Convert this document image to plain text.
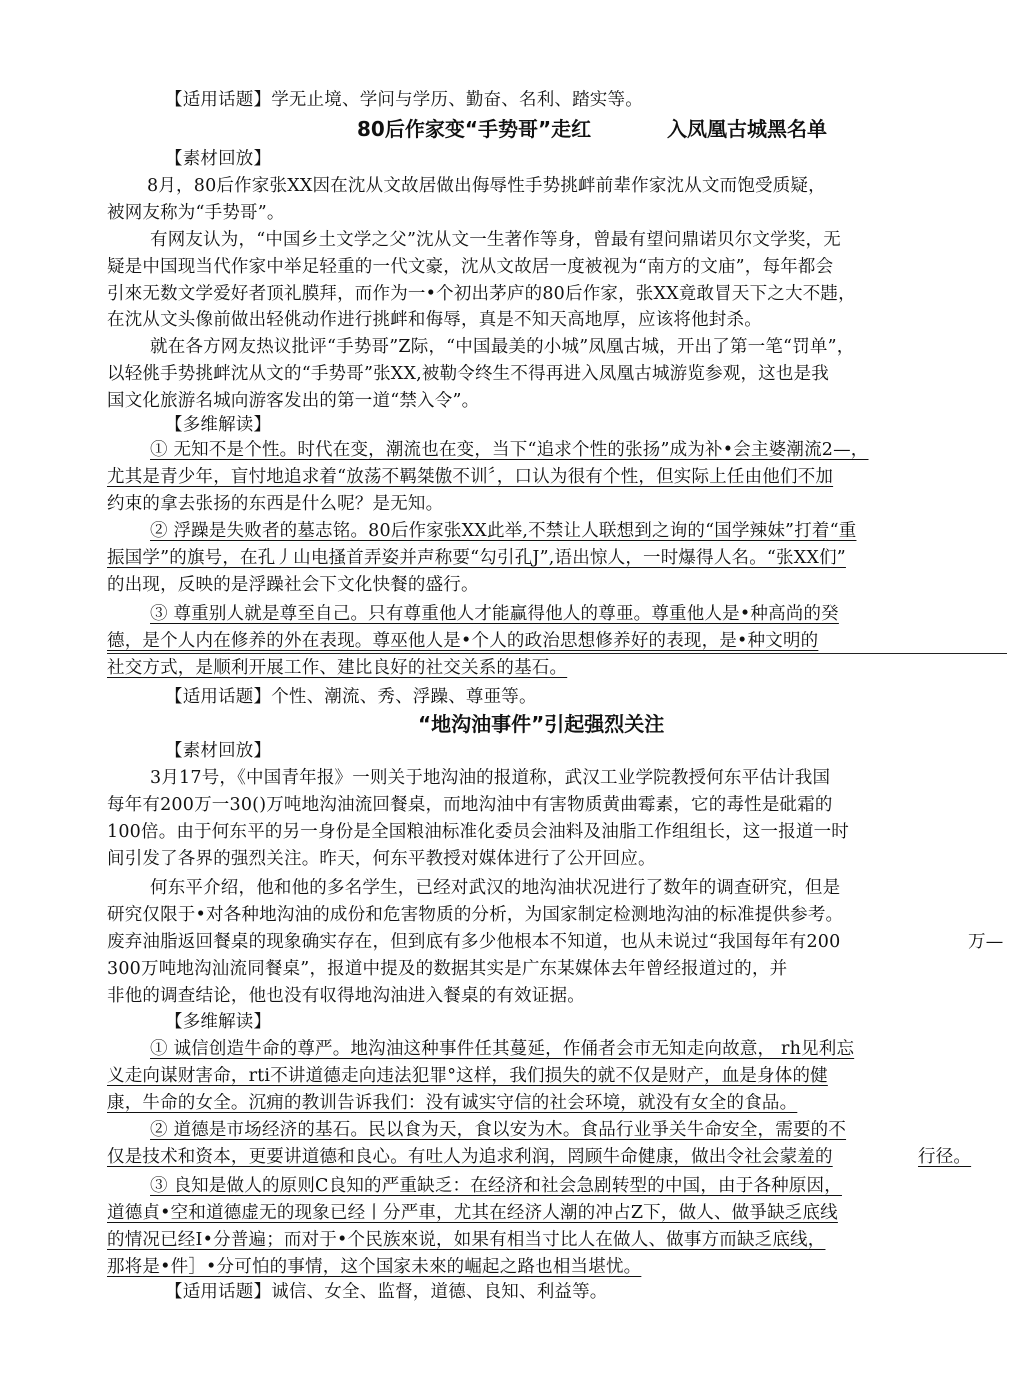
【适用话题】学无止境、学问与学历、勤奋、名利、踏实等。
80后作家变“手势哥”走红	入凤凰古城黑名单
【素材回放】
8月，80后作家张XX因在沈从文故居做出侮辱性手势挑衅前辈作家沈从文而饱受质疑，
被网友称为“手势哥”。
有网友认为，“中国乡土文学之父”沈从文一生著作等身，曾最有望问鼎诺贝尔文学奖，无
疑是中国现当代作家中举足轻重的一代文豪，沈从文故居一度被视为“南方的文庙”，每年都会
引來无数文学爱好者顶礼膜拜，而作为一•个初出茅庐的80后作家，张XX竟敢冒天下之大不韪，
在沈从文头像前做出轻佻动作进行挑衅和侮辱，真是不知天高地厚，应该将他封杀。
就在各方网友热议批评“手势哥”Z际，“中国最美的小城”凤凰古城，开出了第一笔“罚单”，
以轻佻手势挑衅沈从文的“手势哥”张XX,被勒令终生不得再进入凤凰古城游览参观，这也是我
国文化旅游名城向游客发出的第一道“禁入令”。
【多维解读】
① 无知不是个性。时代在变，潮流也在变，当下“追求个性的张扬”成为补•会主婆潮流2—，
尤其是青少年，盲忖地追求着“放荡不羁桀傲不训〞，口认为很有个性，但实际上任由他们不加
约束的拿去张扬的东西是什么呢？是无知。
② 浮躁是失败者的墓志铭。80后作家张XX此举,不禁让人联想到之询的“国学辣妹”打着“重
振国学”的旗号，在孔丿山电搔首弄姿并声称要“勾引孔J”,语出惊人，一时爆得人名。“张XX们”
的出现，反映的是浮躁社会下文化快餐的盛行。
③ 尊重别人就是尊至自己。只有尊重他人才能赢得他人的尊亜。尊重他人是•种高尚的癸
德，是个人内在修养的外在表现。尊巫他人是•个人的政治思想修养好的表现，是•种文明的
社交方式，是顺利开展工作、建比良好的社交关系的基石。
【适用话题】个性、潮流、秀、浮躁、尊亜等。
“地沟油事件”引起强烈关注
【素材回放】
3月17号，《中国青年报》一则关于地沟油的报道称，武汉工业学院教授何东平估计我国
每年有200万一30()万吨地沟油流回餐桌，而地沟油中有害物质黄曲霉素，它的毒性是砒霜的
100倍。由于何东平的另一身份是全国粮油标准化委员会油料及油脂工作组组长，这一报道一时
间引发了各界的强烈关注。昨天，何东平教授对媒体进行了公开回应。
何东平介绍，他和他的多名学生，已经对武汉的地沟油状况进行了数年的调查研究，但是
研究仅限于•对各种地沟油的成份和危害物质的分析，为国家制定检测地沟油的标准提供参考。
废弃油脂返回餐桌的现象确实存在，但到底有多少他根本不知道，也从未说过“我国每年有200	万—
300万吨地沟汕流同餐桌”，报道中提及的数据其实是广东某媒体去年曾经报道过的，并
非他的调查结论，他也没有収得地沟油进入餐桌的有效证据。
【多维解读】
① 诚信创造牛命的尊严。地沟油这种事件任其蔓延，作俑者会市无知走向故意， rh见利忘
义走向谋财害命，rti不讲道德走向违法犯罪°这样，我们损失的就不仅是财产，血是身体的健
康，牛命的女全。沉痈的教训告诉我们：没有诚实守信的社会环境，就没有女全的食品。
② 道德是市场经济的基石。民以食为天，食以安为木。食品行业爭关牛命安全，需要的不
仅是技术和资本，更要讲道德和良心。有吐人为追求利润，罔顾牛命健康，做出令社会蒙羞的	行径。
③ 良知是做人的原则C良知的严重缺乏：在经济和社会急剧转型的中国，由于各种原因，
道德貞•空和道德虚无的现象已经丨分严車，尤其在经济人潮的冲占Z下，做人、做爭缺乏底线
的情况已经I•分普遍；而对于•个民族來说，如果有相当寸比人在做人、做事方而缺乏底线，
那将是•件］•分可怕的事情，这个国家未來的崛起之路也相当堪忧。
【适用话题】诚信、女全、监督，道德、良知、利益等。
